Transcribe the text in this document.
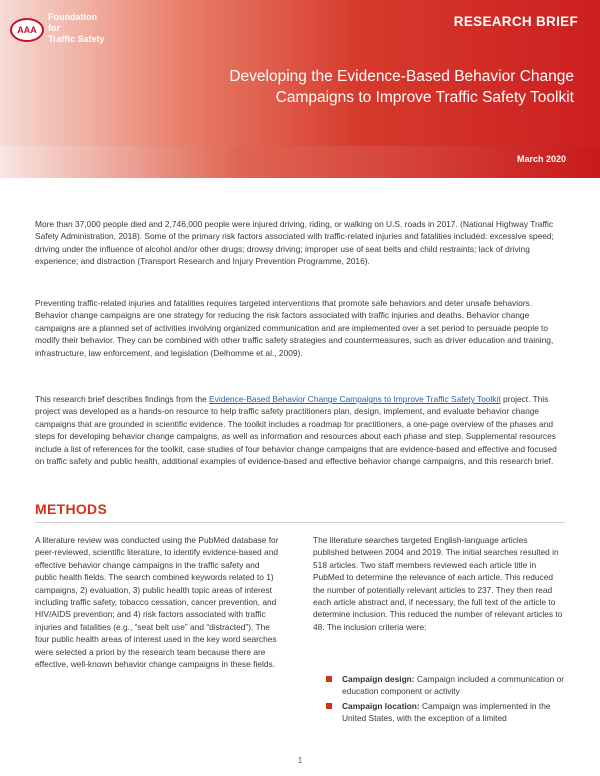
AAA
Foundation
for
Traffic Safety
RESEARCH BRIEF
Developing the Evidence-Based Behavior Change Campaigns to Improve Traffic Safety Toolkit
March 2020

More than 37,000 people died and 2,746,000 people were injured driving, riding, or walking on U.S. roads in 2017. (National Highway Traffic Safety Administration, 2018). Some of the primary risk factors associated with traffic-related injuries and fatalities included: excessive speed; driving under the influence of alcohol and/or other drugs; drowsy driving; improper use of seat belts and child restraints; lack of driving experience; and distraction (Transport Research and Injury Prevention Programme, 2016).

Preventing traffic-related injuries and fatalities requires targeted interventions that promote safe behaviors and deter unsafe behaviors. Behavior change campaigns are one strategy for reducing the risk factors associated with traffic injuries and deaths. Behavior change campaigns are a planned set of activities involving organized communication and are implemented over a set period to persuade people to modify their behavior. They can be combined with other traffic safety strategies and countermeasures, such as driver education and training, infrastructure, law enforcement, and legislation (Delhomme et al., 2009).

This research brief describes findings from the Evidence-Based Behavior Change Campaigns to Improve Traffic Safety Toolkit project. This project was developed as a hands-on resource to help traffic safety practitioners plan, design, implement, and evaluate behavior change campaigns that are grounded in scientific evidence. The toolkit includes a roadmap for practitioners, a one-page overview of the phases and steps for developing behavior change campaigns, as well as information and resources about each phase and step. Supplemental resources include a list of references for the toolkit, case studies of four behavior change campaigns that are evidence-based and effective and focused on traffic safety and public health, additional examples of evidence-based and effective behavior change campaigns, and this research brief.

METHODS

A literature review was conducted using the PubMed database for peer-reviewed, scientific literature, to identify evidence-based and effective behavior change campaigns in the traffic safety and public health fields. The search combined keywords related to 1) campaigns, 2) evaluation, 3) public health topic areas of interest including traffic safety, tobacco cessation, cancer prevention, and HIV/AIDS prevention; and 4) risk factors associated with traffic injuries and fatalities (e.g., “seat belt use” and “distracted”). The four public health areas of interest used in the key word searches were selected a priori by the research team because there are effective, well-known behavior change campaigns in these fields.

The literature searches targeted English-language articles published between 2004 and 2019. The initial searches resulted in 518 articles. Two staff members reviewed each article title in PubMed to determine the relevance of each article. This reduced the number of potentially relevant articles to 237. They then read each article abstract and, if necessary, the full text of the article to determine inclusion. This reduced the number of relevant articles to 48. The inclusion criteria were:

Campaign design: Campaign included a communication or education component or activity
Campaign location: Campaign was implemented in the United States, with the exception of a limited
1
